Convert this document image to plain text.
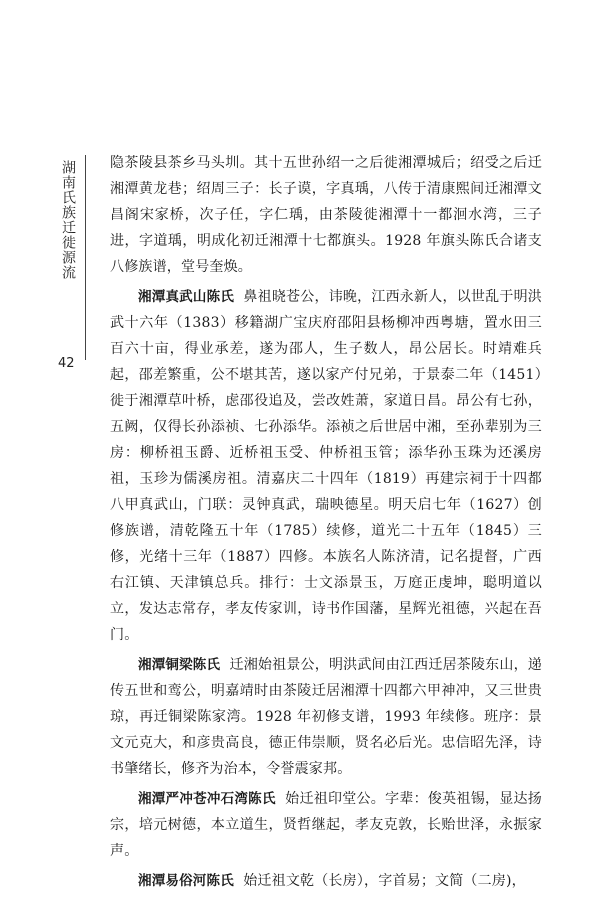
湖南氏族迁徙源流
42

隐茶陵县茶乡马头圳。其十五世孙绍一之后徙湘潭城后；绍受之后迁湘潭黄龙巷；绍周三子：长子谟，字真瑀，八传于清康熙间迁湘潭文昌阁宋家桥，次子任，字仁瑀，由茶陵徙湘潭十一都洄水湾，三子进，字道瑀，明成化初迁湘潭十七都旗头。1928 年旗头陈氏合诸支八修族谱，堂号奎焕。

湘潭真武山陈氏 鼻祖晓苍公，讳晚，江西永新人，以世乱于明洪武十六年（1383）移籍湖广宝庆府邵阳县杨柳冲西粤塘，置水田三百六十亩，得业承差，遂为邵人，生子数人，昂公居长。时靖难兵起，邵差繁重，公不堪其苦，遂以家产付兄弟，于景泰二年（1451）徙于湘潭草叶桥，虑邵役追及，尝改姓萧，家道日昌。昂公有七孙，五阙，仅得长孙添祯、七孙添华。添祯之后世居中湘，至孙辈别为三房：柳桥祖玉爵、近桥祖玉受、仲桥祖玉管；添华孙玉珠为还溪房祖，玉珍为儒溪房祖。清嘉庆二十四年（1819）再建宗祠于十四都八甲真武山，门联：灵钟真武，瑞映德星。明天启七年（1627）创修族谱，清乾隆五十年（1785）续修，道光二十五年（1845）三修，光绪十三年（1887）四修。本族名人陈济清，记名提督，广西右江镇、天津镇总兵。排行：士文添景玉，万庭正虔坤，聪明道以立，发达志常存，孝友传家训，诗书作国藩，星辉光祖德，兴起在吾门。

湘潭铜梁陈氏 迁湘始祖景公，明洪武间由江西迁居茶陵东山，递传五世和鸾公，明嘉靖时由茶陵迁居湘潭十四都六甲神冲，又三世贵琼，再迁铜梁陈家湾。1928 年初修支谱，1993 年续修。班序：景文元克大，和彦贵高良，德正伟崇顺，贤名必后光。忠信昭先泽，诗书肇绪长，修齐为治本，令誉震家邦。

湘潭严冲苍冲石湾陈氏 始迁祖印堂公。字辈：俊英祖锡，显达扬宗，培元树德，本立道生，贤哲继起，孝友克敦，长贻世泽，永振家声。

湘潭易俗河陈氏 始迁祖文乾（长房），字首易；文简（二房)，
